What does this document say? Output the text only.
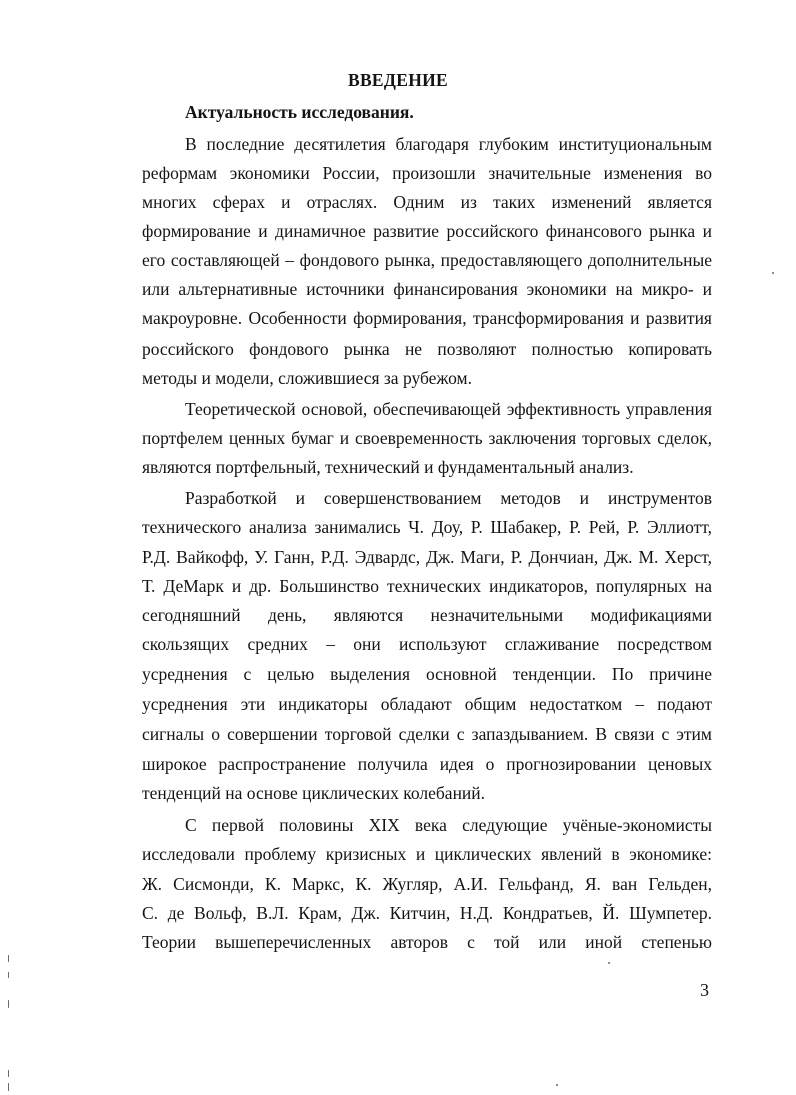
ВВЕДЕНИЕ
Актуальность исследования.
В последние десятилетия благодаря глубоким институциональным
реформам экономики России, произошли значительные изменения во
многих сферах и отраслях. Одним из таких изменений является
формирование и динамичное развитие российского финансового рынка и
его составляющей – фондового рынка, предоставляющего дополнительные
или альтернативные источники финансирования экономики на микро- и
макроуровне. Особенности формирования, трансформирования и развития
российского фондового рынка не позволяют полностью копировать
методы и модели, сложившиеся за рубежом.
Теоретической основой, обеспечивающей эффективность управления
портфелем ценных бумаг и своевременность заключения торговых сделок,
являются портфельный, технический и фундаментальный анализ.
Разработкой и совершенствованием методов и инструментов
технического анализа занимались Ч. Доу, Р. Шабакер, Р. Рей, Р. Эллиотт,
Р.Д. Вайкофф, У. Ганн, Р.Д. Эдвардс, Дж. Маги, Р. Дончиан, Дж. М. Херст,
Т. ДеМарк и др. Большинство технических индикаторов, популярных на
сегодняшний день, являются незначительными модификациями
скользящих средних – они используют сглаживание посредством
усреднения с целью выделения основной тенденции. По причине
усреднения эти индикаторы обладают общим недостатком – подают
сигналы о совершении торговой сделки с запаздыванием. В связи с этим
широкое распространение получила идея о прогнозировании ценовых
тенденций на основе циклических колебаний.
С первой половины XIX века следующие учёные-экономисты
исследовали проблему кризисных и циклических явлений в экономике:
Ж. Сисмонди, К. Маркс, К. Жугляр, А.И. Гельфанд, Я. ван Гельден,
С. де Вольф, В.Л. Крам, Дж. Китчин, Н.Д. Кондратьев, Й. Шумпетер.
Теории вышеперечисленных авторов с той или иной степенью
3
